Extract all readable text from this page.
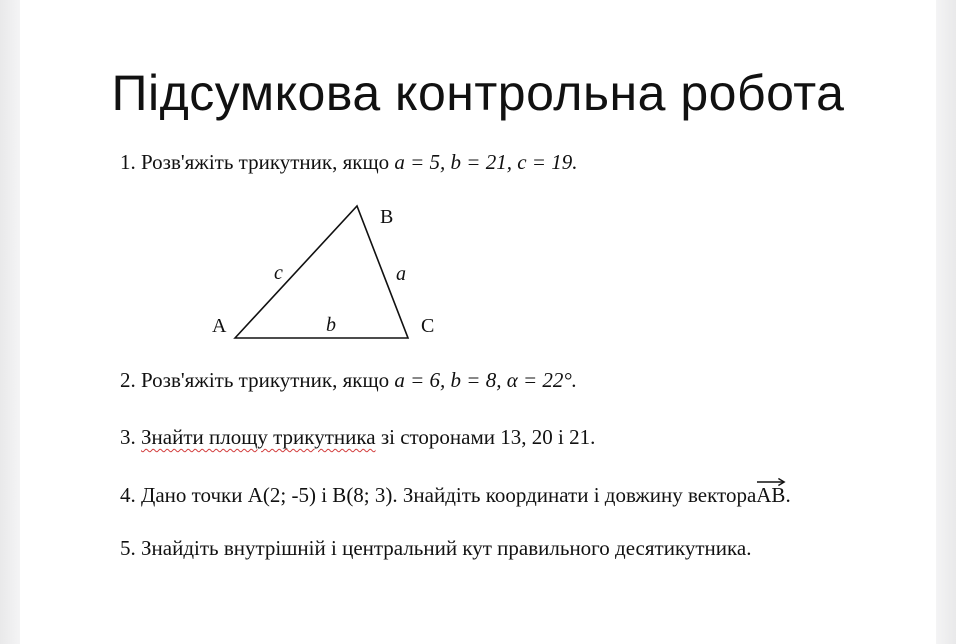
Підсумкова контрольна робота
1. Розв'яжіть трикутник, якщо a = 5, b = 21, c = 19.
A
B
C
a
b
c
2. Розв'яжіть трикутник, якщо a = 6, b = 8, α = 22°.
3. Знайти площу трикутника зі сторонами 13, 20 і 21.
4. Дано точки A(2; -5) і B(8; 3). Знайдіть координати і довжину вектора
AB.
5. Знайдіть внутрішній і центральний кут правильного десятикутника.
